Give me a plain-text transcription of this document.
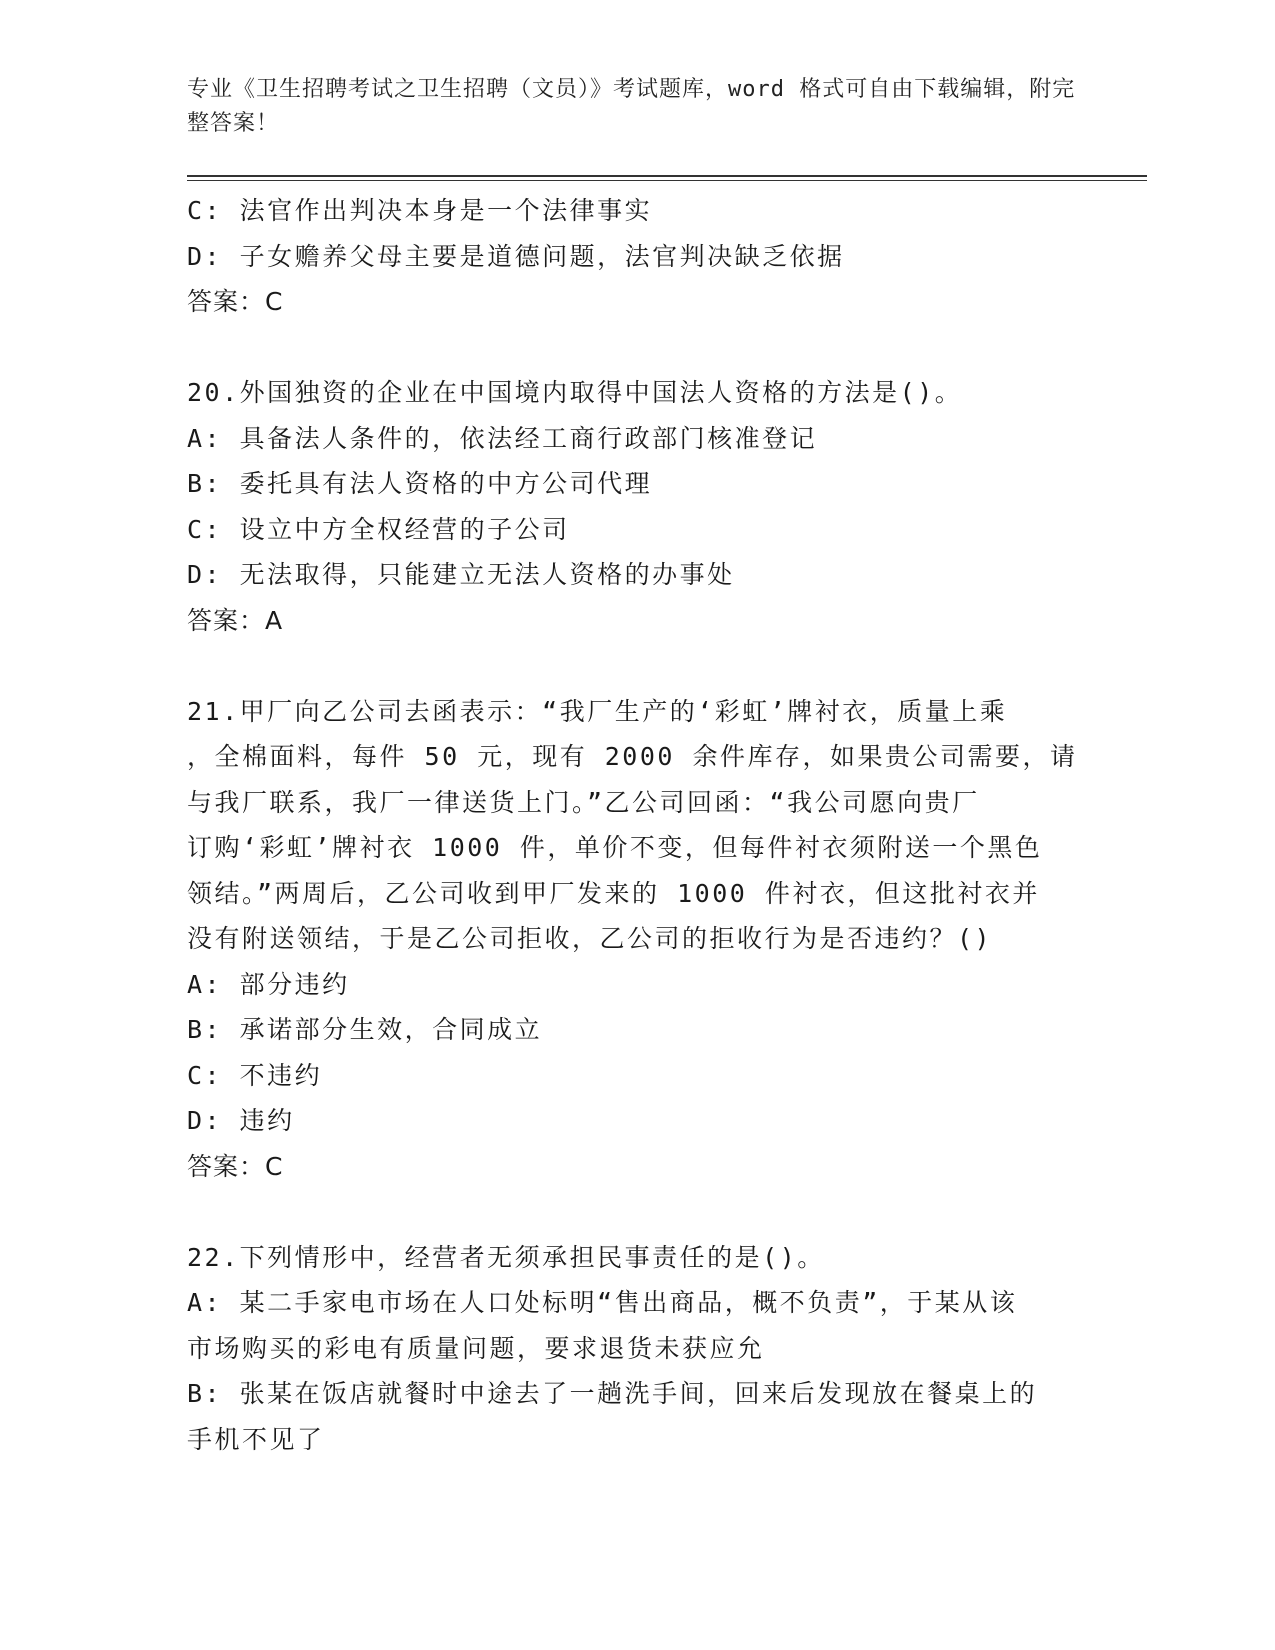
专业《卫生招聘考试之卫生招聘（文员）》考试题库，word 格式可自由下载编辑，附完整答案！
C: 法官作出判决本身是一个法律事实
D: 子女赡养父母主要是道德问题，法官判决缺乏依据
答案：C
20.外国独资的企业在中国境内取得中国法人资格的方法是()。
A: 具备法人条件的，依法经工商行政部门核准登记
B: 委托具有法人资格的中方公司代理
C: 设立中方全权经营的子公司
D: 无法取得，只能建立无法人资格的办事处
答案：A
21.甲厂向乙公司去函表示：“我厂生产的‘彩虹’牌衬衣，质量上乘
，全棉面料，每件 50 元，现有 2000 余件库存，如果贵公司需要，请
与我厂联系，我厂一律送货上门。”乙公司回函：“我公司愿向贵厂
订购‘彩虹’牌衬衣 1000 件，单价不变，但每件衬衣须附送一个黑色
领结。”两周后，乙公司收到甲厂发来的 1000 件衬衣，但这批衬衣并
没有附送领结，于是乙公司拒收，乙公司的拒收行为是否违约？()
A: 部分违约
B: 承诺部分生效，合同成立
C: 不违约
D: 违约
答案：C
22.下列情形中，经营者无须承担民事责任的是()。
A: 某二手家电市场在人口处标明“售出商品，概不负责”，于某从该
市场购买的彩电有质量问题，要求退货未获应允
B: 张某在饭店就餐时中途去了一趟洗手间，回来后发现放在餐桌上的
手机不见了
